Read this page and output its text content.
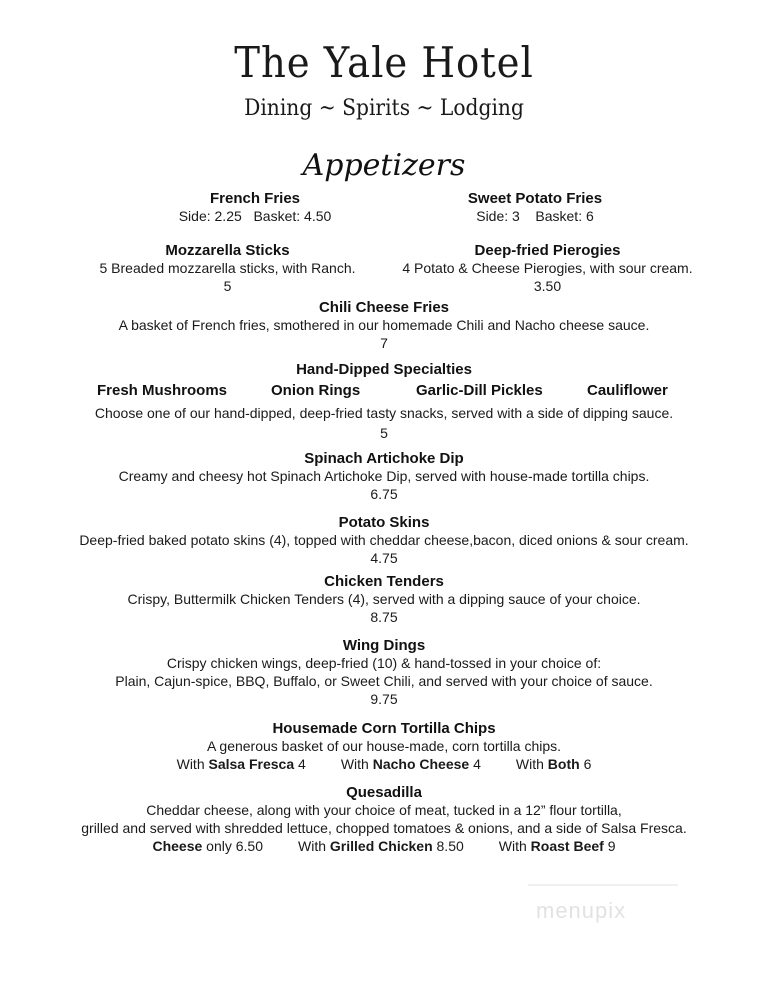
The Yale Hotel
Dining ~ Spirits ~ Lodging
Appetizers
French Fries
Side: 2.25 Basket: 4.50
Sweet Potato Fries
Side: 3 Basket: 6
Mozzarella Sticks
5 Breaded mozzarella sticks, with Ranch.
5
Deep-fried Pierogies
4 Potato & Cheese Pierogies, with sour cream.
3.50
Chili Cheese Fries
A basket of French fries, smothered in our homemade Chili and Nacho cheese sauce.
7
Hand-Dipped Specialties
Fresh Mushrooms	Onion Rings	Garlic-Dill Pickles	Cauliflower
Choose one of our hand-dipped, deep-fried tasty snacks, served with a side of dipping sauce.
5
Spinach Artichoke Dip
Creamy and cheesy hot Spinach Artichoke Dip, served with house-made tortilla chips.
6.75
Potato Skins
Deep-fried baked potato skins (4), topped with cheddar cheese,bacon, diced onions & sour cream.
4.75
Chicken Tenders
Crispy, Buttermilk Chicken Tenders (4), served with a dipping sauce of your choice.
8.75
Wing Dings
Crispy chicken wings, deep-fried (10) & hand-tossed in your choice of:
Plain, Cajun-spice, BBQ, Buffalo, or Sweet Chili, and served with your choice of sauce.
9.75
Housemade Corn Tortilla Chips
A generous basket of our house-made, corn tortilla chips.
With Salsa Fresca 4	With Nacho Cheese 4	With Both 6
Quesadilla
Cheddar cheese, along with your choice of meat, tucked in a 12” flour tortilla,
grilled and served with shredded lettuce, chopped tomatoes & onions, and a side of Salsa Fresca.
Cheese only 6.50	With Grilled Chicken 8.50	With Roast Beef 9
menupix
